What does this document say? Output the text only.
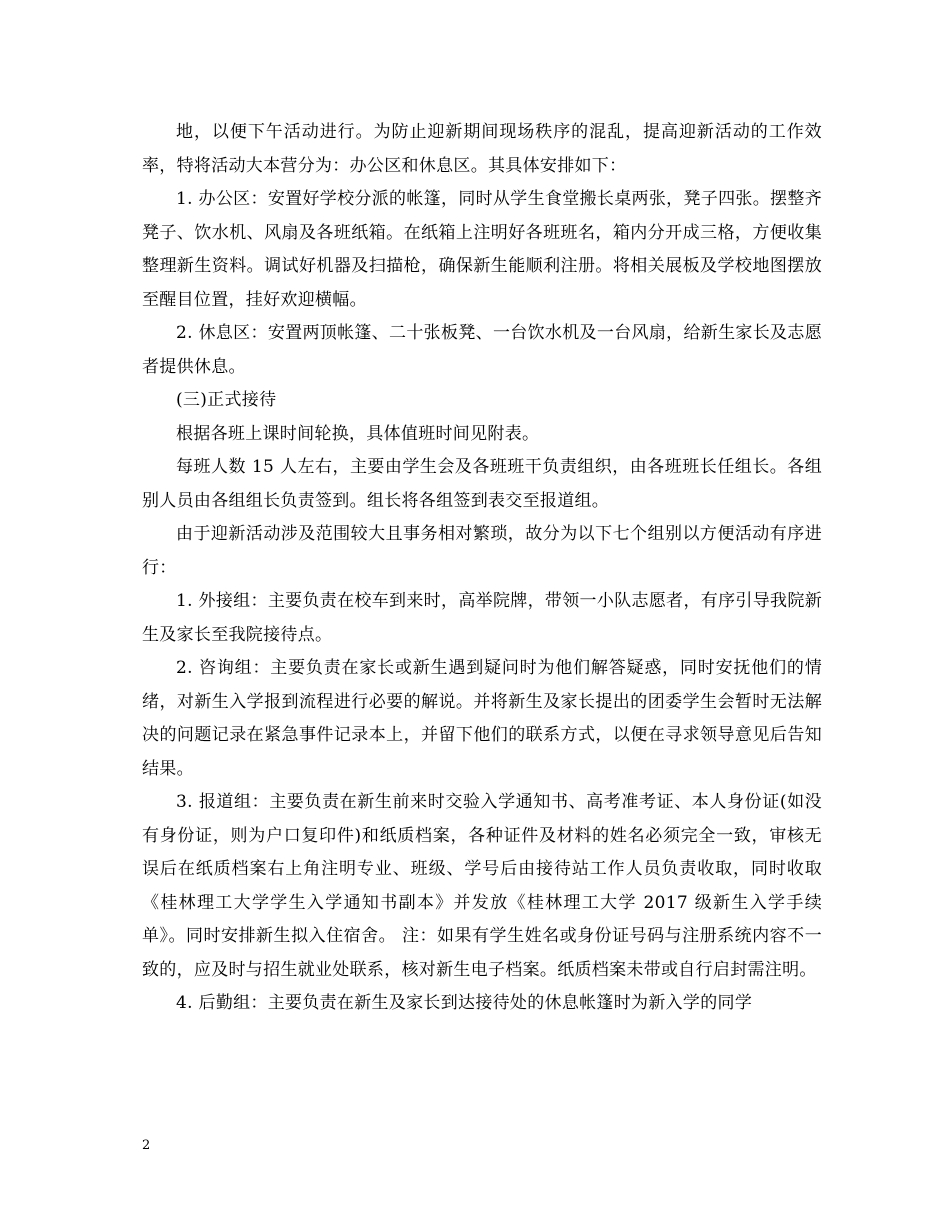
地，以便下午活动进行。为防止迎新期间现场秩序的混乱，提高迎新活动的工作效率，特将活动大本营分为：办公区和休息区。其具体安排如下：

1. 办公区：安置好学校分派的帐篷，同时从学生食堂搬长桌两张，凳子四张。摆整齐凳子、饮水机、风扇及各班纸箱。在纸箱上注明好各班班名，箱内分开成三格，方便收集整理新生资料。调试好机器及扫描枪，确保新生能顺利注册。将相关展板及学校地图摆放至醒目位置，挂好欢迎横幅。

2. 休息区：安置两顶帐篷、二十张板凳、一台饮水机及一台风扇，给新生家长及志愿者提供休息。

(三)正式接待

根据各班上课时间轮换，具体值班时间见附表。

每班人数 15 人左右，主要由学生会及各班班干负责组织，由各班班长任组长。各组别人员由各组组长负责签到。组长将各组签到表交至报道组。

由于迎新活动涉及范围较大且事务相对繁琐，故分为以下七个组别以方便活动有序进行：

1. 外接组：主要负责在校车到来时，高举院牌，带领一小队志愿者，有序引导我院新生及家长至我院接待点。

2. 咨询组：主要负责在家长或新生遇到疑问时为他们解答疑惑，同时安抚他们的情绪，对新生入学报到流程进行必要的解说。并将新生及家长提出的团委学生会暂时无法解决的问题记录在紧急事件记录本上，并留下他们的联系方式，以便在寻求领导意见后告知结果。

3. 报道组：主要负责在新生前来时交验入学通知书、高考准考证、本人身份证(如没有身份证，则为户口复印件)和纸质档案，各种证件及材料的姓名必须完全一致，审核无误后在纸质档案右上角注明专业、班级、学号后由接待站工作人员负责收取，同时收取《桂林理工大学学生入学通知书副本》并发放《桂林理工大学 2017 级新生入学手续单》。同时安排新生拟入住宿舍。 注：如果有学生姓名或身份证号码与注册系统内容不一致的，应及时与招生就业处联系，核对新生电子档案。纸质档案未带或自行启封需注明。

4. 后勤组：主要负责在新生及家长到达接待处的休息帐篷时为新入学的同学

2
